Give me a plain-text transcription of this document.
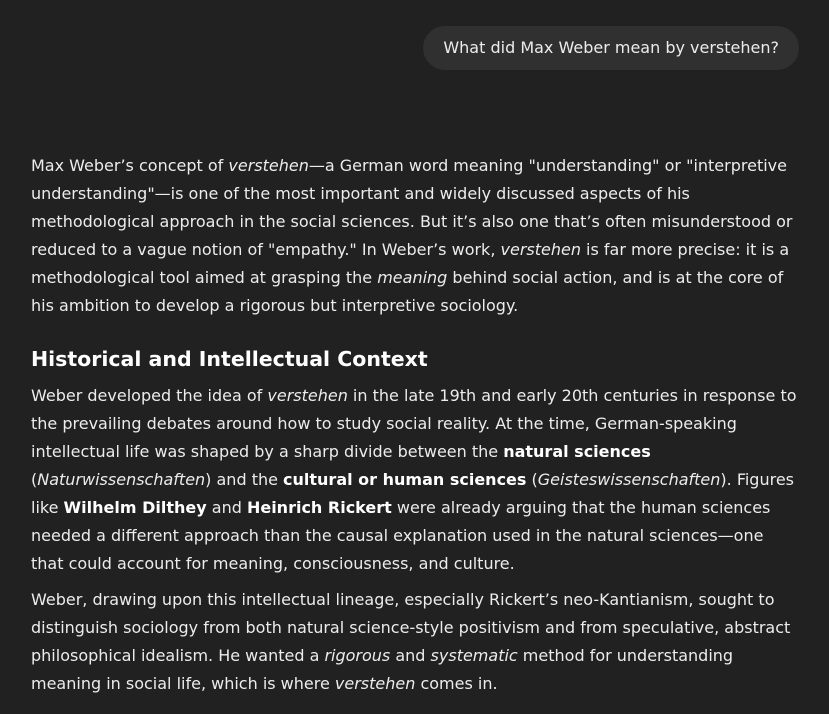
What did Max Weber mean by verstehen?

Max Weber’s concept of verstehen—a German word meaning "understanding" or "interpretive understanding"—is one of the most important and widely discussed aspects of his methodological approach in the social sciences. But it’s also one that’s often misunderstood or reduced to a vague notion of "empathy." In Weber’s work, verstehen is far more precise: it is a methodological tool aimed at grasping the meaning behind social action, and is at the core of his ambition to develop a rigorous but interpretive sociology.

Historical and Intellectual Context

Weber developed the idea of verstehen in the late 19th and early 20th centuries in response to the prevailing debates around how to study social reality. At the time, German-speaking intellectual life was shaped by a sharp divide between the natural sciences (Naturwissenschaften) and the cultural or human sciences (Geisteswissenschaften). Figures like Wilhelm Dilthey and Heinrich Rickert were already arguing that the human sciences needed a different approach than the causal explanation used in the natural sciences—one that could account for meaning, consciousness, and culture.

Weber, drawing upon this intellectual lineage, especially Rickert’s neo-Kantianism, sought to distinguish sociology from both natural science-style positivism and from speculative, abstract philosophical idealism. He wanted a rigorous and systematic method for understanding meaning in social life, which is where verstehen comes in.
